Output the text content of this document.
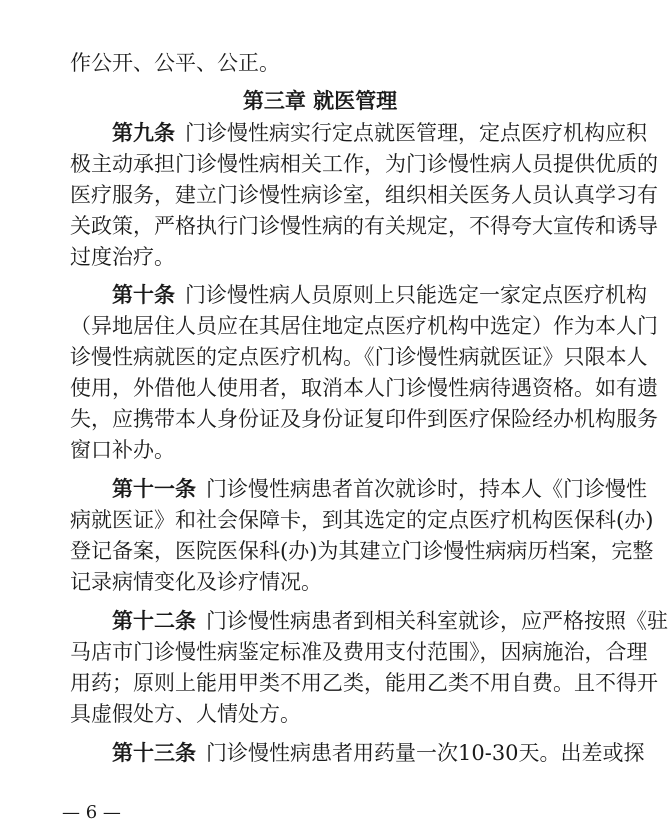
作公开、公平、公正。
第三章 就医管理
第九条 门诊慢性病实行定点就医管理，定点医疗机构应积
极主动承担门诊慢性病相关工作，为门诊慢性病人员提供优质的
医疗服务，建立门诊慢性病诊室，组织相关医务人员认真学习有
关政策，严格执行门诊慢性病的有关规定，不得夸大宣传和诱导
过度治疗。
第十条 门诊慢性病人员原则上只能选定一家定点医疗机构
（异地居住人员应在其居住地定点医疗机构中选定）作为本人门
诊慢性病就医的定点医疗机构。《门诊慢性病就医证》只限本人
使用，外借他人使用者，取消本人门诊慢性病待遇资格。如有遗
失，应携带本人身份证及身份证复印件到医疗保险经办机构服务
窗口补办。
第十一条 门诊慢性病患者首次就诊时，持本人《门诊慢性
病就医证》和社会保障卡，到其选定的定点医疗机构医保科(办)
登记备案，医院医保科(办)为其建立门诊慢性病病历档案，完整
记录病情变化及诊疗情况。
第十二条 门诊慢性病患者到相关科室就诊，应严格按照《驻
马店市门诊慢性病鉴定标准及费用支付范围》，因病施治，合理
用药；原则上能用甲类不用乙类，能用乙类不用自费。且不得开
具虚假处方、人情处方。
第十三条 门诊慢性病患者用药量一次10-30天。出差或探
— 6 —
